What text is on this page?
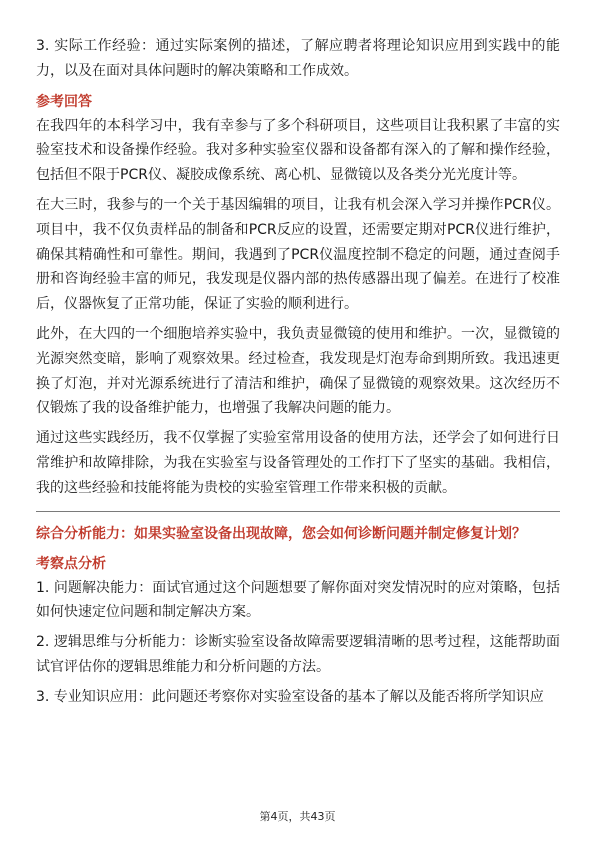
3. 实际工作经验：通过实际案例的描述，了解应聘者将理论知识应用到实践中的能力，以及在面对具体问题时的解决策略和工作成效。

参考回答

在我四年的本科学习中，我有幸参与了多个科研项目，这些项目让我积累了丰富的实验室技术和设备操作经验。我对多种实验室仪器和设备都有深入的了解和操作经验，包括但不限于PCR仪、凝胶成像系统、离心机、显微镜以及各类分光光度计等。

在大三时，我参与的一个关于基因编辑的项目，让我有机会深入学习并操作PCR仪。项目中，我不仅负责样品的制备和PCR反应的设置，还需要定期对PCR仪进行维护，确保其精确性和可靠性。期间，我遇到了PCR仪温度控制不稳定的问题，通过查阅手册和咨询经验丰富的师兄，我发现是仪器内部的热传感器出现了偏差。在进行了校准后，仪器恢复了正常功能，保证了实验的顺利进行。

此外，在大四的一个细胞培养实验中，我负责显微镜的使用和维护。一次，显微镜的光源突然变暗，影响了观察效果。经过检查，我发现是灯泡寿命到期所致。我迅速更换了灯泡，并对光源系统进行了清洁和维护，确保了显微镜的观察效果。这次经历不仅锻炼了我的设备维护能力，也增强了我解决问题的能力。

通过这些实践经历，我不仅掌握了实验室常用设备的使用方法，还学会了如何进行日常维护和故障排除，为我在实验室与设备管理处的工作打下了坚实的基础。我相信，我的这些经验和技能将能为贵校的实验室管理工作带来积极的贡献。

综合分析能力：如果实验室设备出现故障，您会如何诊断问题并制定修复计划？
考察点分析

1. 问题解决能力：面试官通过这个问题想要了解你面对突发情况时的应对策略，包括如何快速定位问题和制定解决方案。

2. 逻辑思维与分析能力：诊断实验室设备故障需要逻辑清晰的思考过程，这能帮助面试官评估你的逻辑思维能力和分析问题的方法。

3. 专业知识应用：此问题还考察你对实验室设备的基本了解以及能否将所学知识应

第4页，共43页
